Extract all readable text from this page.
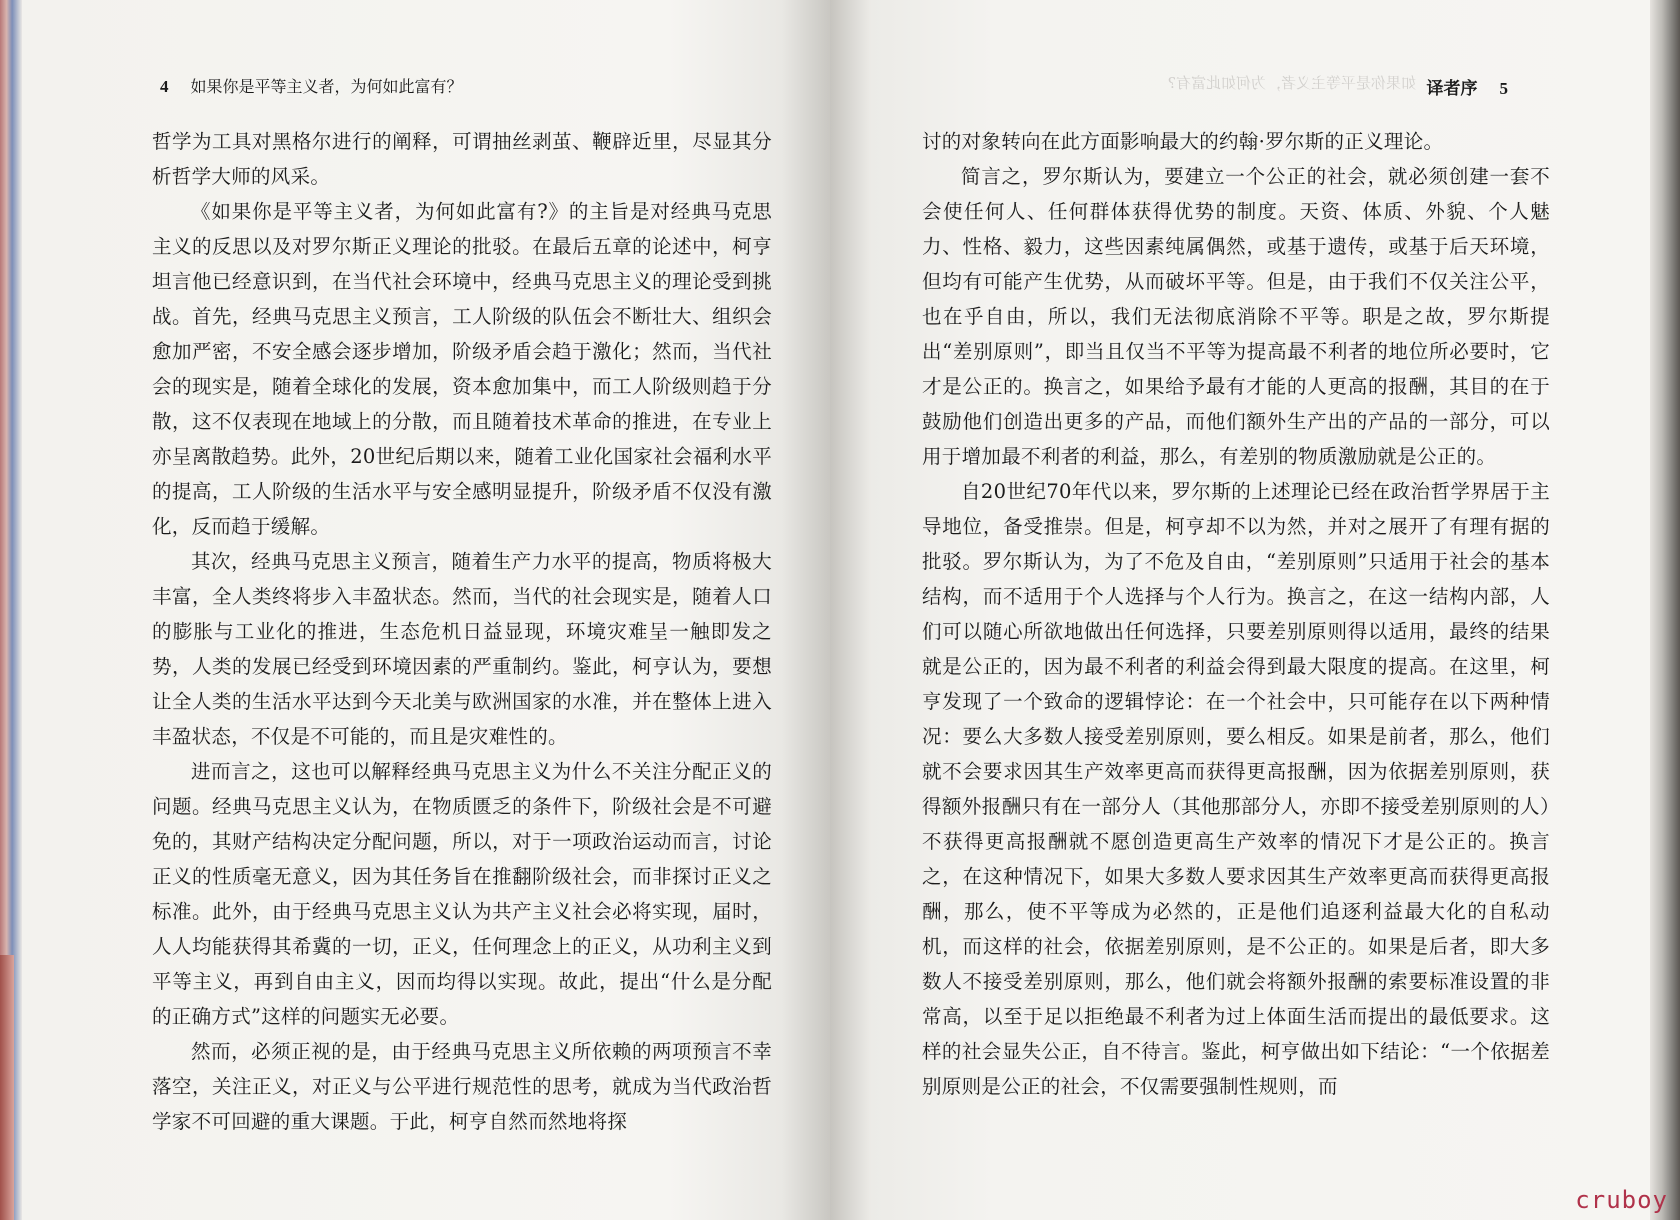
4 如果你是平等主义者，为何如此富有？

哲学为工具对黑格尔进行的阐释，可谓抽丝剥茧、鞭辟近里，尽显其分析哲学大师的风采。

《如果你是平等主义者，为何如此富有?》的主旨是对经典马克思主义的反思以及对罗尔斯正义理论的批驳。在最后五章的论述中，柯亨坦言他已经意识到，在当代社会环境中，经典马克思主义的理论受到挑战。首先，经典马克思主义预言，工人阶级的队伍会不断壮大、组织会愈加严密，不安全感会逐步增加，阶级矛盾会趋于激化；然而，当代社会的现实是，随着全球化的发展，资本愈加集中，而工人阶级则趋于分散，这不仅表现在地域上的分散，而且随着技术革命的推进，在专业上亦呈离散趋势。此外，20世纪后期以来，随着工业化国家社会福利水平的提高，工人阶级的生活水平与安全感明显提升，阶级矛盾不仅没有激化，反而趋于缓解。

其次，经典马克思主义预言，随着生产力水平的提高，物质将极大丰富，全人类终将步入丰盈状态。然而，当代的社会现实是，随着人口的膨胀与工业化的推进，生态危机日益显现，环境灾难呈一触即发之势，人类的发展已经受到环境因素的严重制约。鉴此，柯亨认为，要想让全人类的生活水平达到今天北美与欧洲国家的水准，并在整体上进入丰盈状态，不仅是不可能的，而且是灾难性的。

进而言之，这也可以解释经典马克思主义为什么不关注分配正义的问题。经典马克思主义认为，在物质匮乏的条件下，阶级社会是不可避免的，其财产结构决定分配问题，所以，对于一项政治运动而言，讨论正义的性质毫无意义，因为其任务旨在推翻阶级社会，而非探讨正义之标准。此外，由于经典马克思主义认为共产主义社会必将实现，届时，人人均能获得其希冀的一切，正义，任何理念上的正义，从功利主义到平等主义，再到自由主义，因而均得以实现。故此，提出“什么是分配的正确方式”这样的问题实无必要。

然而，必须正视的是，由于经典马克思主义所依赖的两项预言不幸落空，关注正义，对正义与公平进行规范性的思考，就成为当代政治哲学家不可回避的重大课题。于此，柯亨自然而然地将探

如果你是平等主义者，为何如此富有? 译者序 5

讨的对象转向在此方面影响最大的约翰·罗尔斯的正义理论。

简言之，罗尔斯认为，要建立一个公正的社会，就必须创建一套不会使任何人、任何群体获得优势的制度。天资、体质、外貌、个人魅力、性格、毅力，这些因素纯属偶然，或基于遗传，或基于后天环境，但均有可能产生优势，从而破坏平等。但是，由于我们不仅关注公平，也在乎自由，所以，我们无法彻底消除不平等。职是之故，罗尔斯提出“差别原则”，即当且仅当不平等为提高最不利者的地位所必要时，它才是公正的。换言之，如果给予最有才能的人更高的报酬，其目的在于鼓励他们创造出更多的产品，而他们额外生产出的产品的一部分，可以用于增加最不利者的利益，那么，有差别的物质激励就是公正的。

自20世纪70年代以来，罗尔斯的上述理论已经在政治哲学界居于主导地位，备受推崇。但是，柯亨却不以为然，并对之展开了有理有据的批驳。罗尔斯认为，为了不危及自由，“差别原则”只适用于社会的基本结构，而不适用于个人选择与个人行为。换言之，在这一结构内部，人们可以随心所欲地做出任何选择，只要差别原则得以适用，最终的结果就是公正的，因为最不利者的利益会得到最大限度的提高。在这里，柯亨发现了一个致命的逻辑悖论：在一个社会中，只可能存在以下两种情况：要么大多数人接受差别原则，要么相反。如果是前者，那么，他们就不会要求因其生产效率更高而获得更高报酬，因为依据差别原则，获得额外报酬只有在一部分人（其他那部分人，亦即不接受差别原则的人）不获得更高报酬就不愿创造更高生产效率的情况下才是公正的。换言之，在这种情况下，如果大多数人要求因其生产效率更高而获得更高报酬，那么，使不平等成为必然的，正是他们追逐利益最大化的自私动机，而这样的社会，依据差别原则，是不公正的。如果是后者，即大多数人不接受差别原则，那么，他们就会将额外报酬的索要标准设置的非常高，以至于足以拒绝最不利者为过上体面生活而提出的最低要求。这样的社会显失公正，自不待言。鉴此，柯亨做出如下结论：“一个依据差别原则是公正的社会，不仅需要强制性规则，而

cruboy
